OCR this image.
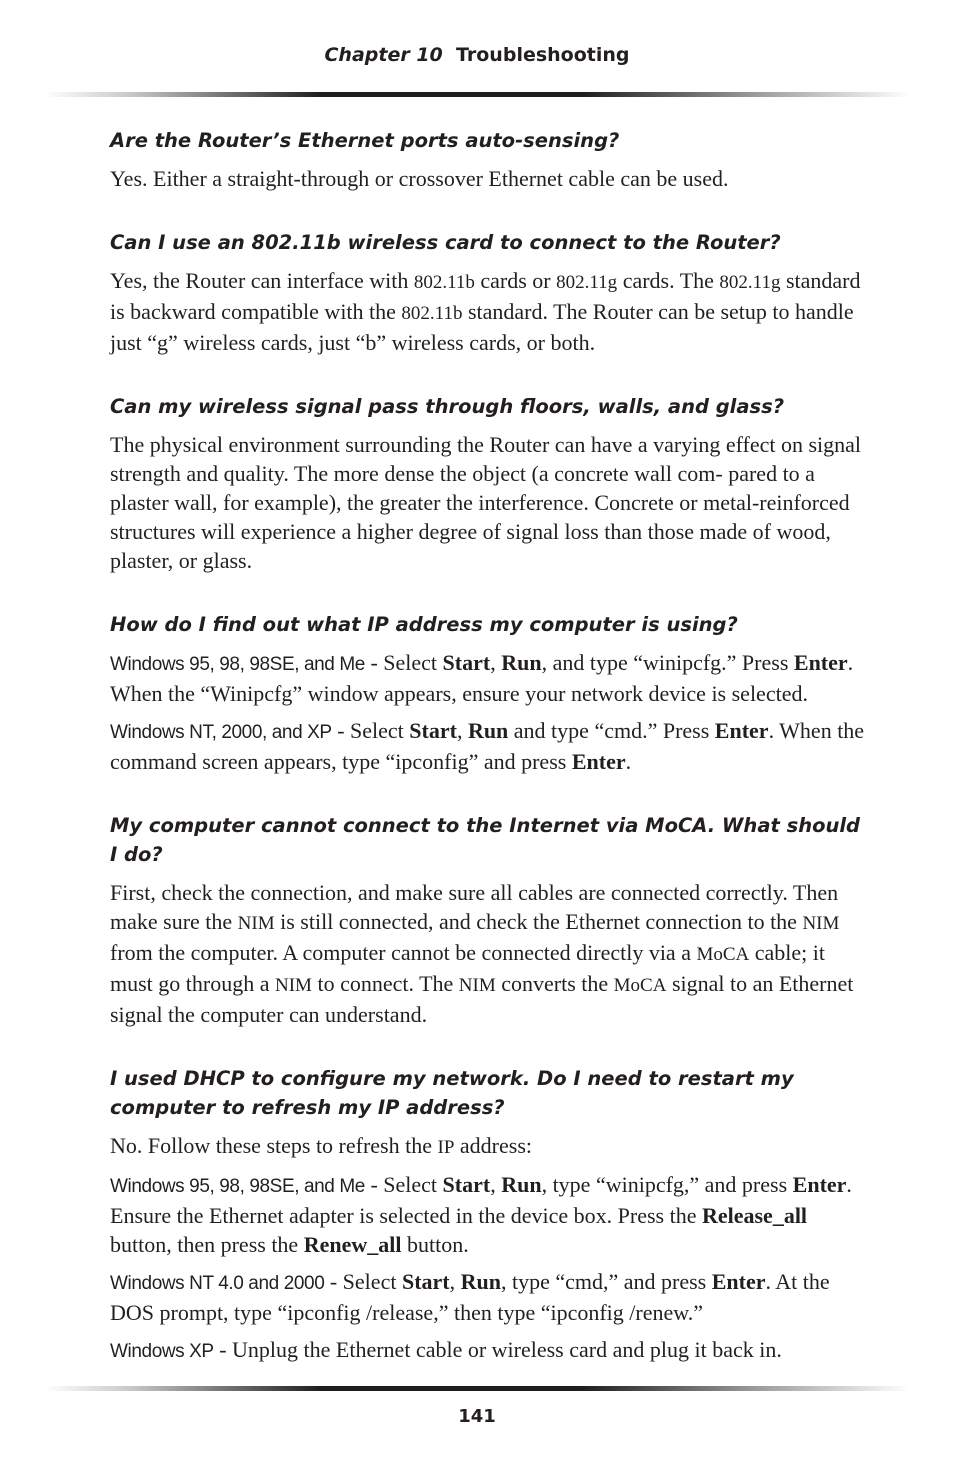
Chapter 10 Troubleshooting
Are the Router’s Ethernet ports auto-sensing?
Yes. Either a straight-through or crossover Ethernet cable can be used.
Can I use an 802.11b wireless card to connect to the Router?
Yes, the Router can interface with 802.11b cards or 802.11g cards. The 802.11g standard is backward compatible with the 802.11b standard. The Router can be setup to handle just “g” wireless cards, just “b” wireless cards, or both.
Can my wireless signal pass through floors, walls, and glass?
The physical environment surrounding the Router can have a varying effect on signal strength and quality. The more dense the object (a concrete wall com- pared to a plaster wall, for example), the greater the interference. Concrete or metal-reinforced structures will experience a higher degree of signal loss than those made of wood, plaster, or glass.
How do I find out what IP address my computer is using?
Windows 95, 98, 98SE, and Me - Select Start, Run, and type “winipcfg.” Press Enter. When the “Winipcfg” window appears, ensure your network device is selected.
Windows NT, 2000, and XP - Select Start, Run and type “cmd.” Press Enter. When the command screen appears, type “ipconfig” and press Enter.
My computer cannot connect to the Internet via MoCA. What should I do?
First, check the connection, and make sure all cables are connected correctly. Then make sure the NIM is still connected, and check the Ethernet connection to the NIM from the computer. A computer cannot be connected directly via a MoCA cable; it must go through a NIM to connect. The NIM converts the MoCA signal to an Ethernet signal the computer can understand.
I used DHCP to configure my network. Do I need to restart my computer to refresh my IP address?
No. Follow these steps to refresh the IP address:
Windows 95, 98, 98SE, and Me - Select Start, Run, type “winipcfg,” and press Enter. Ensure the Ethernet adapter is selected in the device box. Press the Release_all button, then press the Renew_all button.
Windows NT 4.0 and 2000 - Select Start, Run, type “cmd,” and press Enter. At the DOS prompt, type “ipconfig /release,” then type “ipconfig /renew.”
Windows XP - Unplug the Ethernet cable or wireless card and plug it back in.
141
